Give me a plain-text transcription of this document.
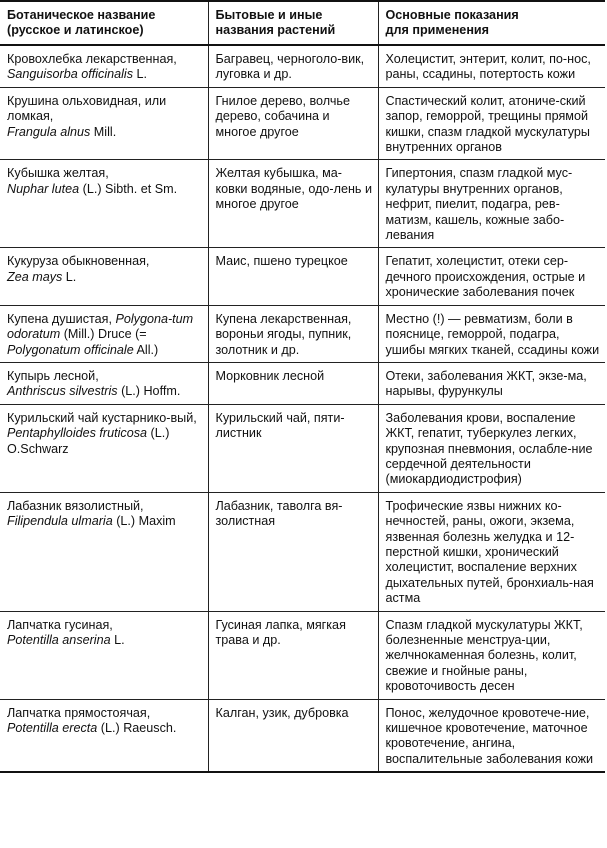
Ботаническое название
(русское и латинское)	Бытовые и иные
названия растений	Основные показания
для применения

Кровохлебка лекарственная,
Sanguisorba officinalis L.	Багравец, черноголо-вик, луговка и др.	Холецистит, энтерит, колит, по-нос, раны, ссадины, потертость кожи
Крушина ольховидная, или ломкая,
Frangula alnus Mill.	Гнилое дерево, волчье дерево, собачина и многое другое	Спастический колит, атониче-ский запор, геморрой, трещины прямой кишки, спазм гладкой мускулатуры внутренних органов
Кубышка желтая,
Nuphar lutea (L.) Sibth. et Sm.	Желтая кубышка, ма-ковки водяные, одо-лень и многое другое	Гипертония, спазм гладкой мус-кулатуры внутренних органов, нефрит, пиелит, подагра, рев-матизм, кашель, кожные забо-левания
Кукуруза обыкновенная,
Zea mays L.	Маис, пшено турецкое	Гепатит, холецистит, отеки сер-дечного происхождения, острые и хронические заболевания почек
Купена душистая, Polygona-tum odoratum (Mill.) Druce (= Polygonatum officinale All.)	Купена лекарственная, вороньи ягоды, пупник, золотник и др.	Местно (!) — ревматизм, боли в пояснице, геморрой, подагра, ушибы мягких тканей, ссадины кожи
Купырь лесной,
Anthriscus silvestris (L.) Hoffm.	Морковник лесной	Отеки, заболевания ЖКТ, экзе-ма, нарывы, фурункулы
Курильский чай кустарнико-вый, Pentaphylloides fruticosa (L.) O.Schwarz	Курильский чай, пяти-листник	Заболевания крови, воспаление ЖКТ, гепатит, туберкулез легких, крупозная пневмония, ослабле-ние сердечной деятельности (миокардиодистрофия)
Лабазник вязолистный,
Filipendula ulmaria (L.) Maxim	Лабазник, таволга вя-золистная	Трофические язвы нижних ко-нечностей, раны, ожоги, экзема, язвенная болезнь желудка и 12-перстной кишки, хронический холецистит, воспаление верхних дыхательных путей, бронхиаль-ная астма
Лапчатка гусиная,
Potentilla anserina L.	Гусиная лапка, мягкая трава и др.	Спазм гладкой мускулатуры ЖКТ, болезненные менструа-ции, желчнокаменная болезнь, колит, свежие и гнойные раны, кровоточивость десен
Лапчатка прямостоячая,
Potentilla erecta (L.) Raeusch.	Калган, узик, дубровка	Понос, желудочное кровотече-ние, кишечное кровотечение, маточное кровотечение, ангина, воспалительные заболевания кожи
